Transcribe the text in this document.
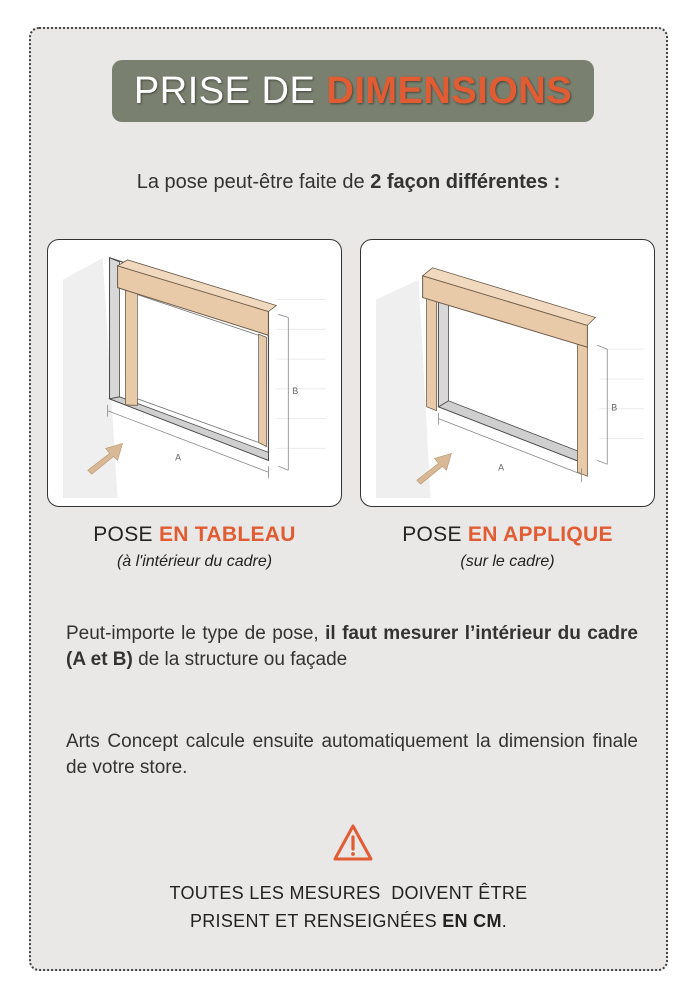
PRISE DE DIMENSIONS
La pose peut-être faite de 2 façon différentes :
B
A
B
A
POSE EN TABLEAU
(à l'intérieur du cadre)
POSE EN APPLIQUE
(sur le cadre)
Peut-importe le type de pose, il faut mesurer l’intérieur du cadre (A et B) de la structure ou façade
Arts Concept calcule ensuite automatiquement la dimension finale de votre store.
TOUTES LES MESURES  DOIVENT ÊTRE
PRISENT ET RENSEIGNÉES EN CM.
